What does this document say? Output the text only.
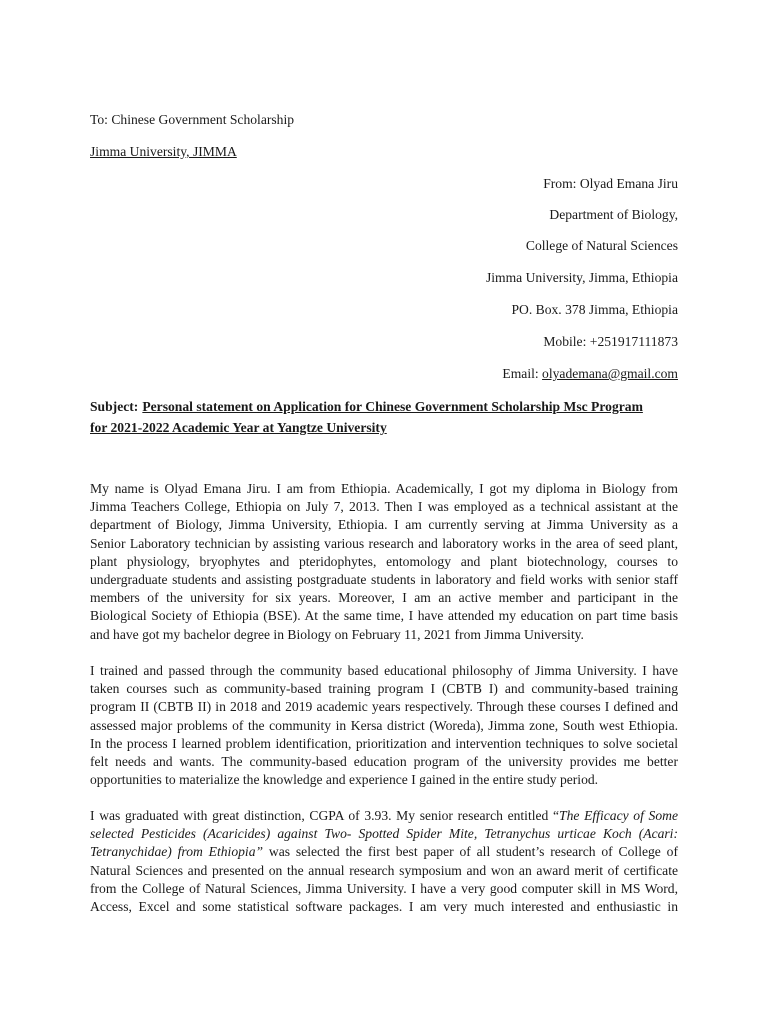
To: Chinese Government Scholarship

Jimma University, JIMMA

From: Olyad Emana Jiru

Department of Biology,

College of Natural Sciences

Jimma University, Jimma, Ethiopia

PO. Box. 378 Jimma, Ethiopia

Mobile: +251917111873

Email: olyademana@gmail.com

Subject: Personal statement on Application for Chinese Government Scholarship Msc Program
for 2021-2022 Academic Year at Yangtze University

My name is Olyad Emana Jiru. I am from Ethiopia. Academically, I got my diploma in Biology from
Jimma Teachers College, Ethiopia on July 7, 2013. Then I was employed as a technical assistant at the
department of Biology, Jimma University, Ethiopia. I am currently serving at Jimma University as a
Senior Laboratory technician by assisting various research and laboratory works in the area of seed plant,
plant physiology, bryophytes and pteridophytes, entomology and plant biotechnology, courses to
undergraduate students and assisting postgraduate students in laboratory and field works with senior staff
members of the university for six years. Moreover, I am an active member and participant in the
Biological Society of Ethiopia (BSE). At the same time, I have attended my education on part time basis
and have got my bachelor degree in Biology on February 11, 2021 from Jimma University.

I trained and passed through the community based educational philosophy of Jimma University. I have
taken courses such as community-based training program I (CBTB I) and community-based training
program II (CBTB II) in 2018 and 2019 academic years respectively. Through these courses I defined and
assessed major problems of the community in Kersa district (Woreda), Jimma zone, South west Ethiopia.
In the process I learned problem identification, prioritization and intervention techniques to solve societal
felt needs and wants. The community-based education program of the university provides me better
opportunities to materialize the knowledge and experience I gained in the entire study period.

I was graduated with great distinction, CGPA of 3.93. My senior research entitled “The Efficacy of Some
selected Pesticides (Acaricides) against Two- Spotted Spider Mite, Tetranychus urticae Koch (Acari:
Tetranychidae) from Ethiopia” was selected the first best paper of all student’s research of College of
Natural Sciences and presented on the annual research symposium and won an award merit of certificate
from the College of Natural Sciences, Jimma University. I have a very good computer skill in MS Word,
Access, Excel and some statistical software packages. I am very much interested and enthusiastic in
